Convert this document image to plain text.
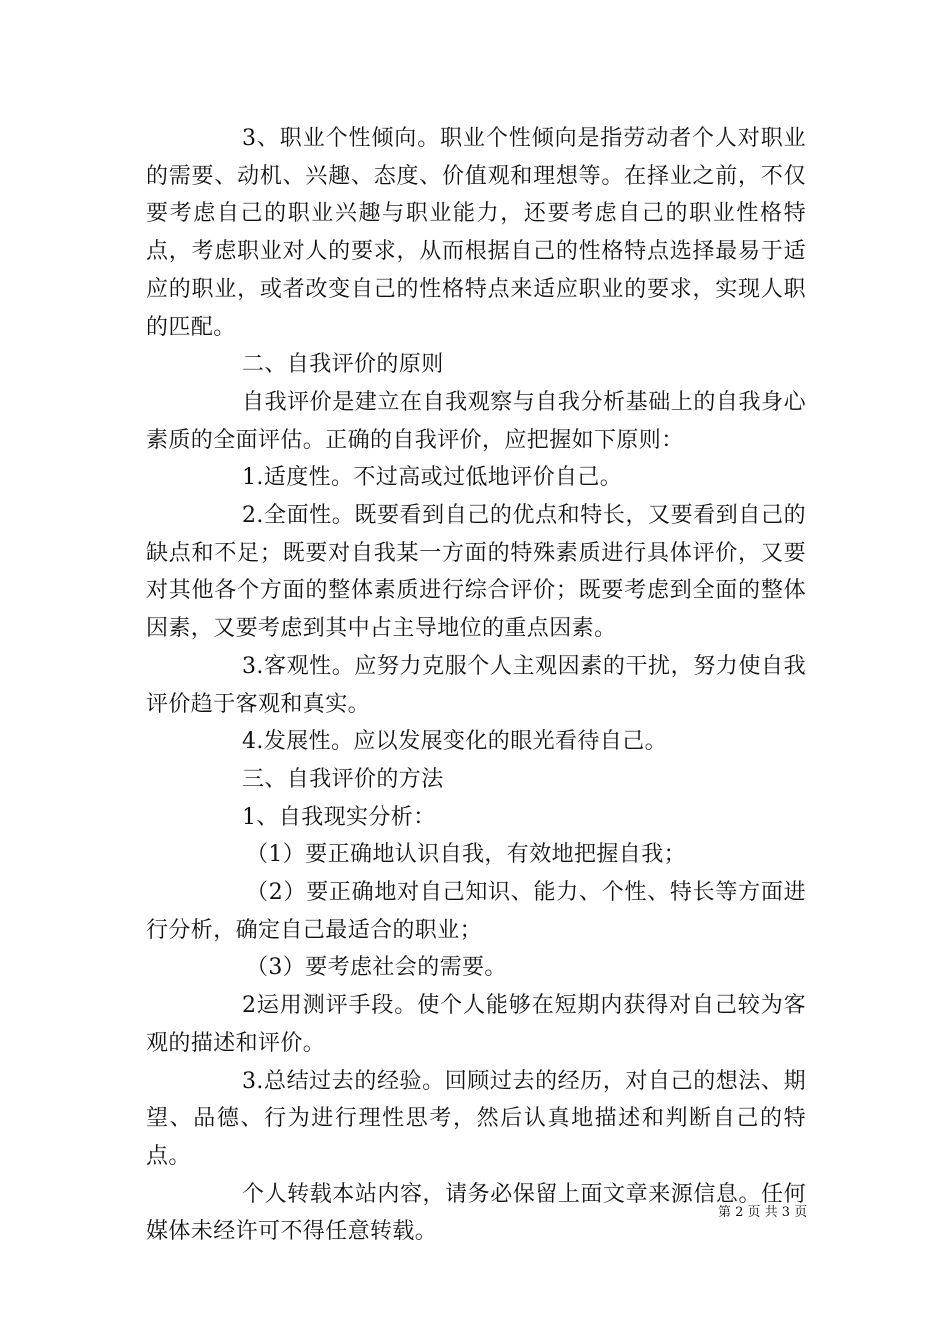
3、职业个性倾向。职业个性倾向是指劳动者个人对职业的需要、动机、兴趣、态度、价值观和理想等。在择业之前，不仅要考虑自己的职业兴趣与职业能力，还要考虑自己的职业性格特点，考虑职业对人的要求，从而根据自己的性格特点选择最易于适应的职业，或者改变自己的性格特点来适应职业的要求，实现人职的匹配。

二、自我评价的原则

自我评价是建立在自我观察与自我分析基础上的自我身心素质的全面评估。正确的自我评价，应把握如下原则：

1.适度性。不过高或过低地评价自己。

2.全面性。既要看到自己的优点和特长，又要看到自己的缺点和不足；既要对自我某一方面的特殊素质进行具体评价，又要对其他各个方面的整体素质进行综合评价；既要考虑到全面的整体因素，又要考虑到其中占主导地位的重点因素。

3.客观性。应努力克服个人主观因素的干扰，努力使自我评价趋于客观和真实。

4.发展性。应以发展变化的眼光看待自己。

三、自我评价的方法

1、自我现实分析：

（1）要正确地认识自我，有效地把握自我；

（2）要正确地对自己知识、能力、个性、特长等方面进行分析，确定自己最适合的职业；

（3）要考虑社会的需要。

2运用测评手段。使个人能够在短期内获得对自己较为客观的描述和评价。

3.总结过去的经验。回顾过去的经历，对自己的想法、期望、品德、行为进行理性思考，然后认真地描述和判断自己的特点。

个人转载本站内容，请务必保留上面文章来源信息。任何媒体未经许可不得任意转载。

第 2 页 共 3 页
